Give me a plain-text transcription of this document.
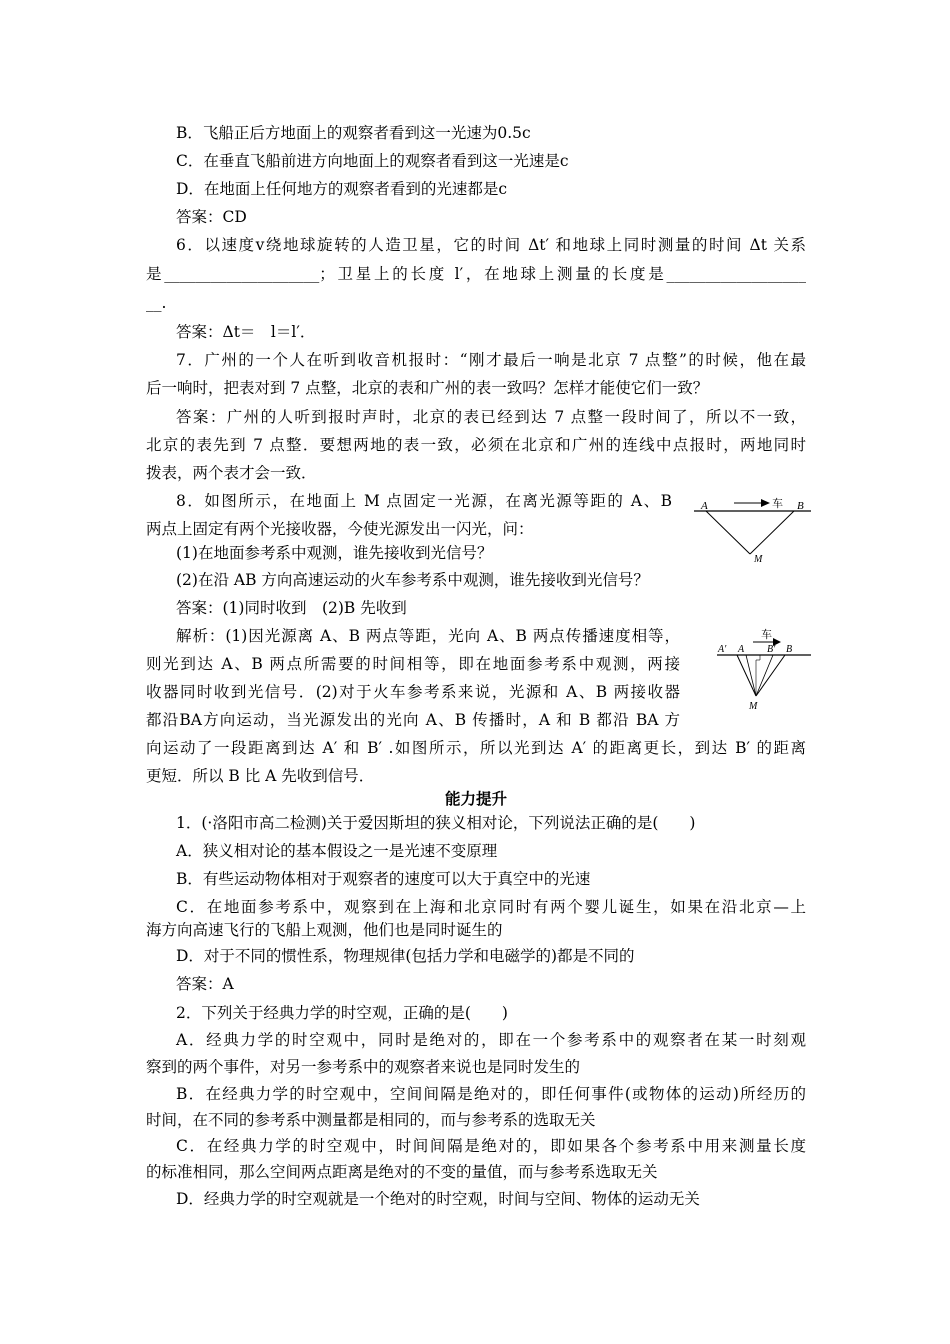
B．飞船正后方地面上的观察者看到这一光速为0.5c
C．在垂直飞船前进方向地面上的观察者看到这一光速是c
D．在地面上任何地方的观察者看到的光速都是c
答案：CD
6．以速度v绕地球旋转的人造卫星，它的时间 Δt′ 和地球上同时测量的时间 Δt 关系
是____________________；卫星上的长度 l′，在地球上测量的长度是__________________
__.
答案：Δt＝　l＝l′．
7．广州的一个人在听到收音机报时：“刚才最后一响是北京 7 点整”的时候，他在最
后一响时，把表对到 7 点整，北京的表和广州的表一致吗？怎样才能使它们一致？
答案：广州的人听到报时声时，北京的表已经到达 7 点整一段时间了，所以不一致，
北京的表先到 7 点整．要想两地的表一致，必须在北京和广州的连线中点报时，两地同时
拨表，两个表才会一致．
8．如图所示，在地面上 M 点固定一光源，在离光源等距的 A、B
两点上固定有两个光接收器，今使光源发出一闪光，问：
(1)在地面参考系中观测，谁先接收到光信号？
(2)在沿 AB 方向高速运动的火车参考系中观测，谁先接收到光信号？
答案：(1)同时收到　(2)B 先收到
解析：(1)因光源离 A、B 两点等距，光向 A、B 两点传播速度相等，
则光到达 A、B 两点所需要的时间相等，即在地面参考系中观测，两接
收器同时收到光信号．(2)对于火车参考系来说，光源和 A、B 两接收器
都沿BA方向运动，当光源发出的光向 A、B 传播时，A 和 B 都沿 BA 方
向运动了一段距离到达 A′ 和 B′ .如图所示，所以光到达 A′ 的距离更长，到达 B′ 的距离
更短．所以 B 比 A 先收到信号．
A	B
车
M
车
A′ A B′ B
M
能力提升
1．(·洛阳市高二检测)关于爱因斯坦的狭义相对论，下列说法正确的是(　　)
A．狭义相对论的基本假设之一是光速不变原理
B．有些运动物体相对于观察者的速度可以大于真空中的光速
C．在地面参考系中，观察到在上海和北京同时有两个婴儿诞生，如果在沿北京—上
海方向高速飞行的飞船上观测，他们也是同时诞生的
D．对于不同的惯性系，物理规律(包括力学和电磁学的)都是不同的
答案：A
2．下列关于经典力学的时空观，正确的是(　　)
A．经典力学的时空观中，同时是绝对的，即在一个参考系中的观察者在某一时刻观
察到的两个事件，对另一参考系中的观察者来说也是同时发生的
B．在经典力学的时空观中，空间间隔是绝对的，即任何事件(或物体的运动)所经历的
时间，在不同的参考系中测量都是相同的，而与参考系的选取无关
C．在经典力学的时空观中，时间间隔是绝对的，即如果各个参考系中用来测量长度
的标准相同，那么空间两点距离是绝对的不变的量值，而与参考系选取无关
D．经典力学的时空观就是一个绝对的时空观，时间与空间、物体的运动无关
